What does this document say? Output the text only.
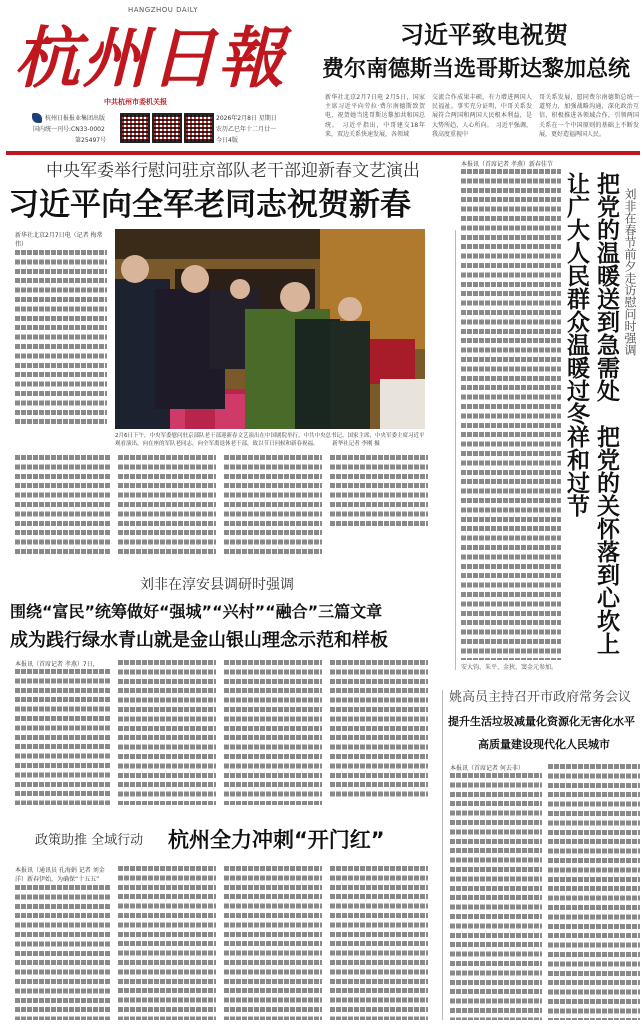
HANGZHOU DAILY
杭州日報
中共杭州市委机关报
杭州日报报业集团出版
国内统一刊号:CN33-0002
第25497号
2026年2月8日 星期日
农历乙巳年十二月廿一
今日4版
习近平致电祝贺
费尔南德斯当选哥斯达黎加总统
新华社北京2月7日电 2月5日，国家主席习近平向劳拉·费尔南德斯致贺电，祝贺她当选哥斯达黎加共和国总统。　习近平指出，中哥建交18年来，双边关系快速发展，各领域
交流合作成果丰硕，有力增进两国人民福祉。事实充分证明，中哥关系发展符合两国和两国人民根本利益，是大势所趋、人心所向。　习近平强调，我高度重视中
哥关系发展，愿同费尔南德斯总统一道努力，加强战略沟通，深化政治互信，积极推进各领域合作，引领两国关系在一个中国原则的基础上不断发展，更好造福两国人民。
中央军委举行慰问驻京部队老干部迎新春文艺演出
习近平向全军老同志祝贺新春
新华社北京2月7日电（记者 梅常伟）
2月6日下午，中央军委慰问驻京部队老干部迎新春文艺演出在中国剧院举行。中共中央总书记、国家主席、中央军委主席习近平观看演出，向在座的军队老同志，向全军离退休老干部，致以节日问候和新春祝福。	新华社记者 李刚 摄
本报讯（首席记者 孝燕）新春佳节
安大钧、朱平、金狄、窦金元参加。
让广大人民群众温暖过冬祥和过节 把党的温暖送到急需处　把党的关怀落到心坎上 刘非在春节前夕走访慰问时强调
刘非在淳安县调研时强调
围绕“富民”统筹做好“强城”“兴村”“融合”三篇文章
成为践行绿水青山就是金山银山理念示范和样板
本报讯（首席记者 孝燕）7日，
姚高员主持召开市政府常务会议
提升生活垃圾减量化资源化无害化水平
高质量建设现代化人民城市
本报讯（首席记者 何去非）
政策助推 全域行动 杭州全力冲刺“开门红”
本报讯（通讯员 孔海娟 记者 刘金洋）新春伊始，为确保“十五五”
